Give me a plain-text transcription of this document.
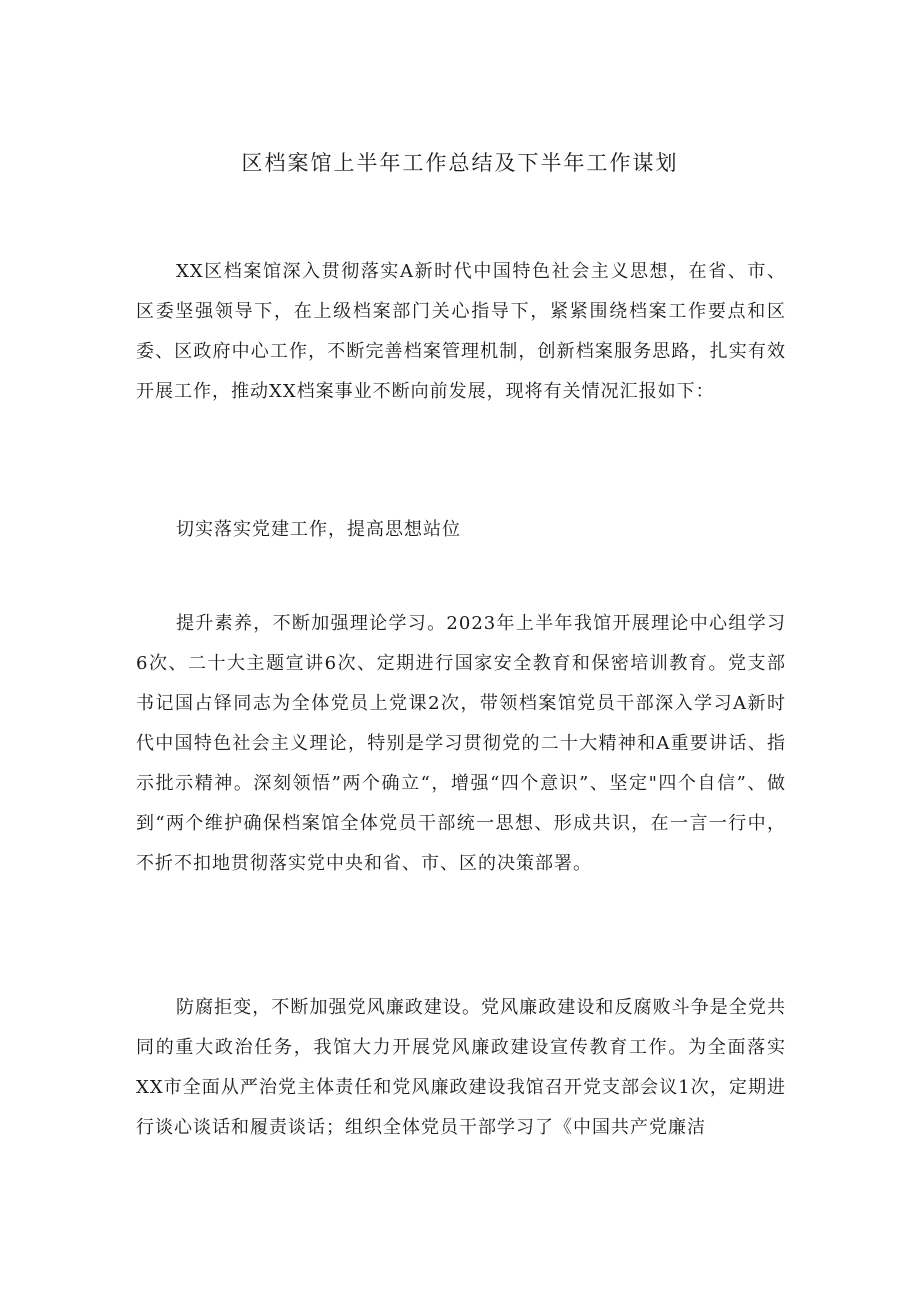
区档案馆上半年工作总结及下半年工作谋划

XX区档案馆深入贯彻落实A新时代中国特色社会主义思想，在省、市、区委坚强领导下，在上级档案部门关心指导下，紧紧围绕档案工作要点和区委、区政府中心工作，不断完善档案管理机制，创新档案服务思路，扎实有效开展工作，推动XX档案事业不断向前发展，现将有关情况汇报如下：

切实落实党建工作，提高思想站位

提升素养，不断加强理论学习。2023年上半年我馆开展理论中心组学习6次、二十大主题宣讲6次、定期进行国家安全教育和保密培训教育。党支部书记国占铎同志为全体党员上党课2次，带领档案馆党员干部深入学习A新时代中国特色社会主义理论，特别是学习贯彻党的二十大精神和A重要讲话、指示批示精神。深刻领悟”两个确立“，增强“四个意识”、坚定"四个自信”、做到“两个维护确保档案馆全体党员干部统一思想、形成共识，在一言一行中，不折不扣地贯彻落实党中央和省、市、区的决策部署。

防腐拒变，不断加强党风廉政建设。党风廉政建设和反腐败斗争是全党共同的重大政治任务，我馆大力开展党风廉政建设宣传教育工作。为全面落实XX市全面从严治党主体责任和党风廉政建设我馆召开党支部会议1次，定期进行谈心谈话和履责谈话；组织全体党员干部学习了《中国共产党廉洁
